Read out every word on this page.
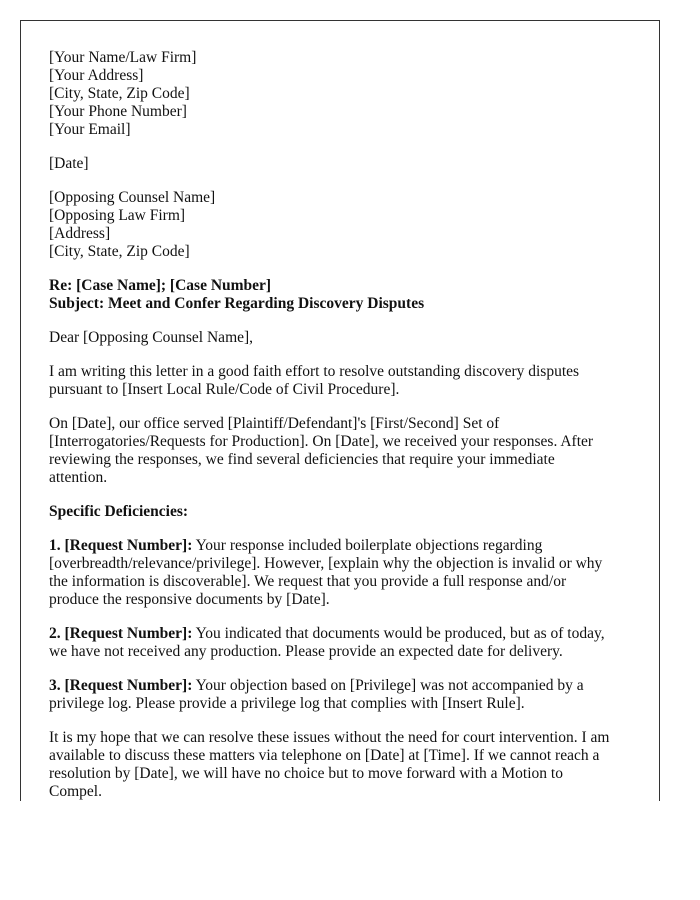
[Your Name/Law Firm]
[Your Address]
[City, State, Zip Code]
[Your Phone Number]
[Your Email]
[Date]
[Opposing Counsel Name]
[Opposing Law Firm]
[Address]
[City, State, Zip Code]
Re: [Case Name]; [Case Number]
Subject: Meet and Confer Regarding Discovery Disputes
Dear [Opposing Counsel Name],
I am writing this letter in a good faith effort to resolve outstanding discovery disputes
pursuant to [Insert Local Rule/Code of Civil Procedure].
On [Date], our office served [Plaintiff/Defendant]'s [First/Second] Set of
[Interrogatories/Requests for Production]. On [Date], we received your responses. After
reviewing the responses, we find several deficiencies that require your immediate
attention.
Specific Deficiencies:
1. [Request Number]: Your response included boilerplate objections regarding
[overbreadth/relevance/privilege]. However, [explain why the objection is invalid or why
the information is discoverable]. We request that you provide a full response and/or
produce the responsive documents by [Date].
2. [Request Number]: You indicated that documents would be produced, but as of today,
we have not received any production. Please provide an expected date for delivery.
3. [Request Number]: Your objection based on [Privilege] was not accompanied by a
privilege log. Please provide a privilege log that complies with [Insert Rule].
It is my hope that we can resolve these issues without the need for court intervention. I am
available to discuss these matters via telephone on [Date] at [Time]. If we cannot reach a
resolution by [Date], we will have no choice but to move forward with a Motion to
Compel.
